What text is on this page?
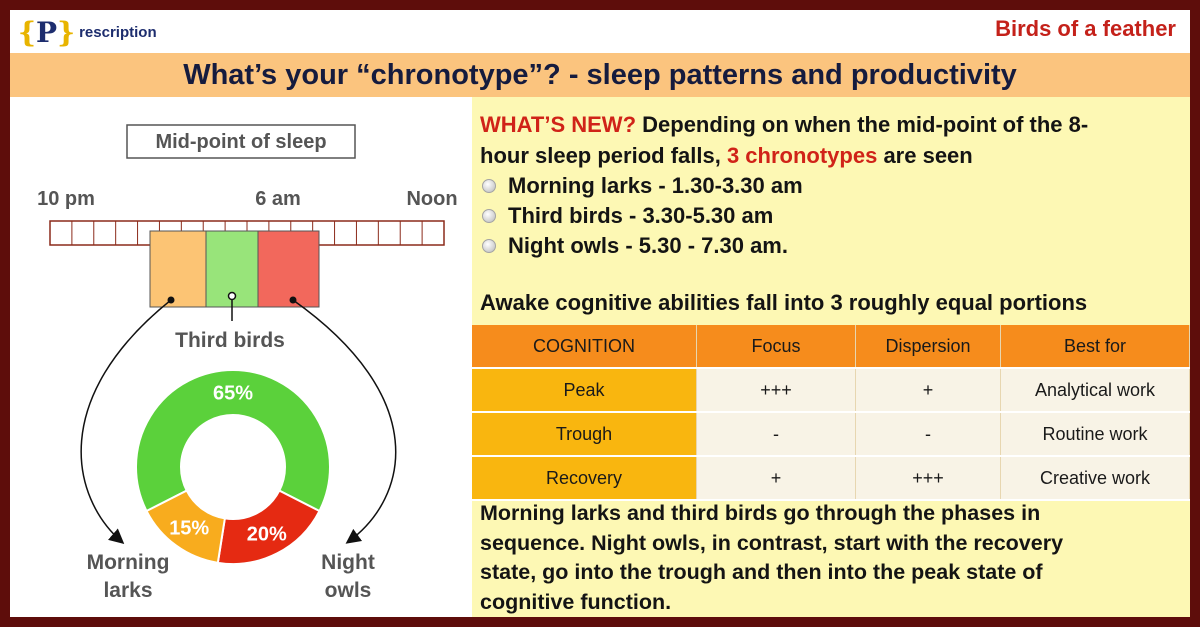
{P} rescription	Birds of a feather
What’s your “chronotype”? - sleep patterns and productivity
Mid-point of sleep
10 pm	6 am	Noon
Third birds
65%
20%
15%
Morning
larks
Night
owls
WHAT’S NEW? Depending on when the mid-point of the 8-
hour sleep period falls, 3 chronotypes are seen
Morning larks - 1.30-3.30 am
Third birds - 3.30-5.30 am
Night owls - 5.30 - 7.30 am.
Awake cognitive abilities fall into 3 roughly equal portions
COGNITION	Focus	Dispersion	Best for
Peak	+++	+	Analytical work
Trough	-	-	Routine work
Recovery	+	+++	Creative work
Morning larks and third birds go through the phases in
sequence. Night owls, in contrast, start with the recovery
state, go into the trough and then into the peak state of
cognitive function.
